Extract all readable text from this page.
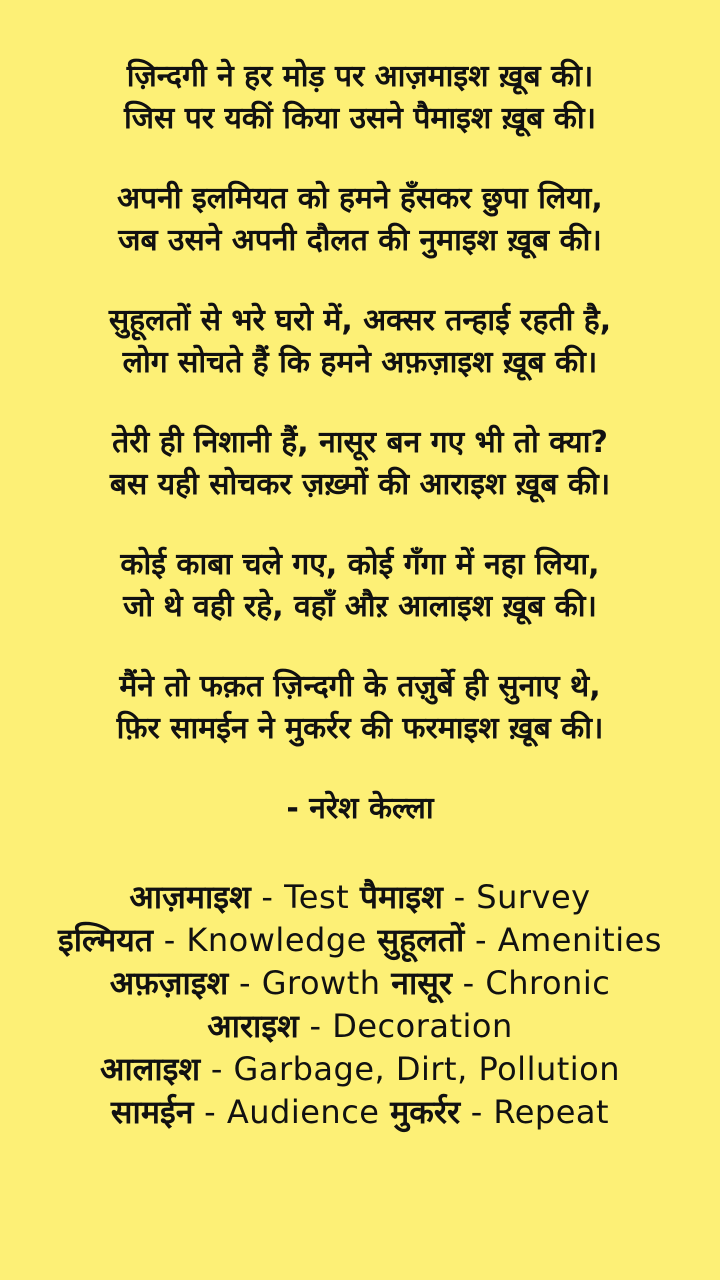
ज़िन्दगी ने हर मोड़ पर आज़माइश ख़ूब की।
जिस पर यकीं किया उसने पैमाइश ख़ूब की।
अपनी इलमियत को हमने हँसकर छुपा लिया,
जब उसने अपनी दौलत की नुमाइश ख़ूब की।
सुहूलतों से भरे घरो में, अक्सर तन्हाई रहती है,
लोग सोचते हैं कि हमने अफ़ज़ाइश ख़ूब की।
तेरी ही निशानी हैं, नासूर बन गए भी तो क्या?
बस यही सोचकर ज़ख़्मों की आराइश ख़ूब की।
कोई काबा चले गए, कोई गँगा में नहा लिया,
जो थे वही रहे, वहाँ औऱ आलाइश ख़ूब की।
मैंने तो फक़त ज़िन्दगी के तज़ुर्बे ही सुनाए थे,
फ़िर सामईन ने मुकर्रर की फरमाइश ख़ूब की।
- नरेश केल्ला
आज़माइश - Test पैमाइश - Survey
इल्मियत - Knowledge सुहूलतों - Amenities
अफ़ज़ाइश - Growth नासूर - Chronic
आराइश - Decoration
आलाइश - Garbage, Dirt, Pollution
सामईन - Audience मुकर्रर - Repeat
